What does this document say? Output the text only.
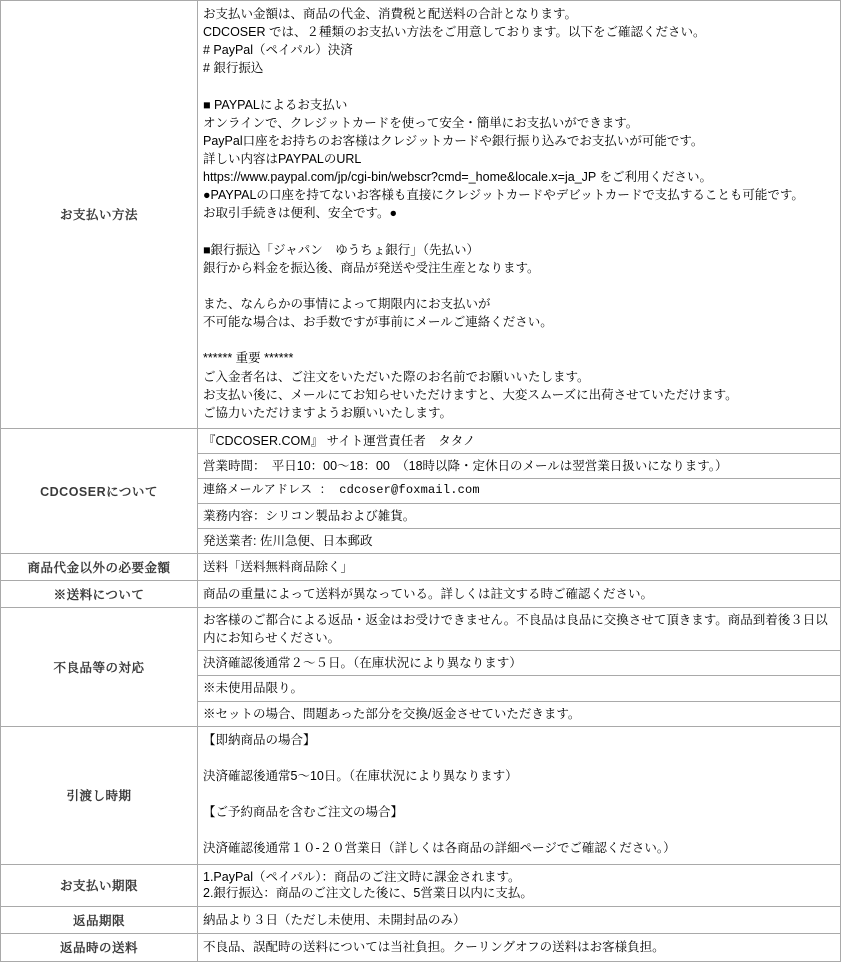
お支払い方法	
お支払い金額は、商品の代金、消費税と配送料の合計となります。
CDCOSER では、２種類のお支払い方法をご用意しております。以下をご確認ください。
# PayPal（ペイパル）決済
# 銀行振込
■ PAYPALによるお支払い
オンラインで、クレジットカードを使って安全・簡単にお支払いができます。
PayPal口座をお持ちのお客様はクレジットカードや銀行振り込みでお支払いが可能です。
詳しい内容はPAYPALのURL
https://www.paypal.com/jp/cgi-bin/webscr?cmd=_home&locale.x=ja_JP をご利用ください。
●PAYPALの口座を持てないお客様も直接にクレジットカードやデビットカードで支払することも可能です。
お取引手続きは便利、安全です。●
■銀行振込「ジャパン　ゆうちょ銀行」（先払い）
銀行から料金を振込後、商品が発送や受注生産となります。
また、なんらかの事情によって期限内にお支払いが
不可能な場合は、お手数ですが事前にメールご連絡ください。
****** 重要 ******
ご入金者名は、ご注文をいただいた際のお名前でお願いいたします。
お支払い後に、メールにてお知らせいただけますと、大変スムーズに出荷させていただけます。
ご協力いただけますようお願いいたします。

CDCOSERについて	
『CDCOSER.COM』 サイト運営責任者　タタノ
営業時間：　平日10：00～18：00　（18時以降・定休日のメールは翌営業日扱いになります。）
連絡メールアドレス ： cdcoser@foxmail.com
業務内容：シリコン製品および雑貨。
発送業者: 佐川急便、日本郵政

商品代金以外の必要金額	送料「送料無料商品除く」

※送料について	商品の重量によって送料が異なっている。詳しくは註文する時ご確認ください。

不良品等の対応	
お客様のご都合による返品・返金はお受けできません。不良品は良品に交換させて頂きます。商品到着後３日以内にお知らせください。
決済確認後通常２～５日。（在庫状況により異なります）
※未使用品限り。
※セットの場合、問題あった部分を交換/返金させていただきます。

引渡し時期	
【即納商品の場合】
決済確認後通常5～10日。（在庫状況により異なります）
【ご予約商品を含むご注文の場合】
決済確認後通常１０-２０営業日（詳しくは各商品の詳細ページでご確認ください。）

お支払い期限	
1.PayPal（ペイパル）：商品のご注文時に課金されます。
2.銀行振込：商品のご注文した後に、5営業日以内に支払。

返品期限	納品より３日（ただし未使用、未開封品のみ）

返品時の送料	不良品、誤配時の送料については当社負担。クーリングオフの送料はお客様負担。
